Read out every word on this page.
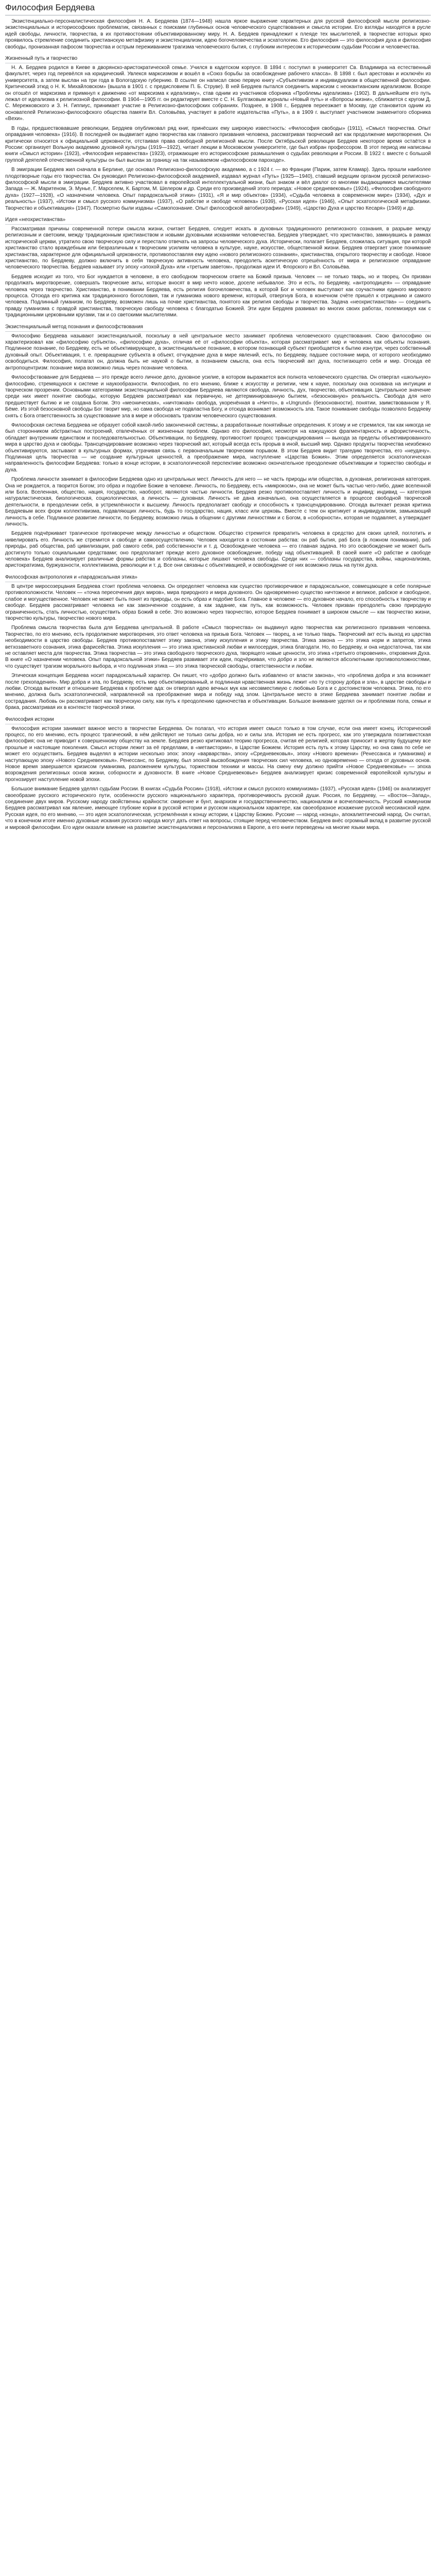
Философия Бердяева

Экзистенциально-персоналистическая философия Н. А. Бердяева (1874—1948) нашла яркое выражение характерных для русской философской мысли религиозно-экзистенциальных и историософских проблематик, связанных с поисками глубинных основ человеческого существования и смысла истории. Его взгляды находятся в русле идей свободы, личности, творчества, в их противостоянии объективированному миру. Н. А. Бердяев принадлежит к плеяде тех мыслителей, в творчестве которых ярко проявилось стремление соединить христианскую метафизику и экзистенциализм, идею богочеловечества и эсхатологию. Его философия — это философия духа и философия свободы, пронизанная пафосом творчества и острым переживанием трагизма человеческого бытия, с глубоким интересом к историческим судьбам России и человечества.

Жизненный путь и творчество

Н. А. Бердяев родился в Киеве в дворянско-аристократической семье. Учился в кадетском корпусе. В 1894 г. поступил в университет Св. Владимира на естественный факультет, через год перевёлся на юридический. Увлекся марксизмом и вошёл в «Союз борьбы за освобождение рабочего класса». В 1898 г. был арестован и исключён из университета, а затем выслан на три года в Вологодскую губернию. В ссылке он написал свою первую книгу «Субъективизм и индивидуализм в общественной философии. Критический этюд о Н. К. Михайловском» (вышла в 1901 г. с предисловием П. Б. Струве). В ней Бердяев пытался соединить марксизм с неокантианским идеализмом. Вскоре он отошёл от марксизма и примкнул к движению «от марксизма к идеализму», став одним из участников сборника «Проблемы идеализма» (1902). В дальнейшем его путь лежал от идеализма к религиозной философии. В 1904—1905 гг. он редактирует вместе с С. Н. Булгаковым журналы «Новый путь» и «Вопросы жизни», сближается с кругом Д. С. Мережковского и З. Н. Гиппиус, принимает участие в Религиозно-философских собраниях. Позднее, в 1908 г., Бердяев переезжает в Москву, где становится одним из основателей Религиозно-философского общества памяти Вл. Соловьёва, участвует в работе издательства «Путь», а в 1909 г. выступает участником знаменитого сборника «Вехи».

В годы, предшествовавшие революции, Бердяев опубликовал ряд книг, принёсших ему широкую известность: «Философия свободы» (1911), «Смысл творчества. Опыт оправдания человека» (1916). В последней он выдвигает идею творчества как главного призвания человека, рассматривая творческий акт как продолжение миротворения. Он критически относится к официальной церковности, отстаивая права свободной религиозной мысли. После Октябрьской революции Бердяев некоторое время остаётся в России: организует Вольную академию духовной культуры (1919—1922), читает лекции в Московском университете, где был избран профессором. В этот период им написаны книги «Смысл истории» (1923), «Философия неравенства» (1923), отражающие его историософские размышления о судьбах революции и России. В 1922 г. вместе с большой группой деятелей отечественной культуры он был выслан за границу на так называемом «философском пароходе».

В эмиграции Бердяев жил сначала в Берлине, где основал Религиозно-философскую академию, а с 1924 г. — во Франции (Париж, затем Кламар). Здесь прошли наиболее плодотворные годы его творчества. Он руководил Религиозно-философской академией, издавал журнал «Путь» (1925—1940), ставший ведущим органом русской религиозно-философской мысли в эмиграции. Бердяев активно участвовал в европейской интеллектуальной жизни, был знаком и вёл диалог со многими выдающимися мыслителями Запада — Ж. Маритеном, Э. Мунье, Г. Марселем, К. Бартом, М. Шелером и др. Среди его произведений этого периода: «Новое средневековье» (1924), «Философия свободного духа» (1927—1928), «О назначении человека. Опыт парадоксальной этики» (1931), «Я и мир объектов» (1934), «Судьба человека в современном мире» (1934), «Дух и реальность» (1937), «Истоки и смысл русского коммунизма» (1937), «О рабстве и свободе человека» (1939), «Русская идея» (1946), «Опыт эсхатологической метафизики. Творчество и объективация» (1947). Посмертно были изданы «Самопознание. Опыт философской автобиографии» (1949), «Царство Духа и царство Кесаря» (1949) и др.

Идея «неохристианства»

Рассматривая причины современной потери смысла жизни, считает Бердяев, следует искать в духовных традиционного религиозного сознания, в разрыве между религиозным и светским, между традиционным христианством и новыми духовными исканиями человечества. Бердяев утверждает, что христианство, замкнувшись в рамках исторической церкви, утратило свою творческую силу и перестало отвечать на запросы человеческого духа. Исторически, полагает Бердяев, сложилась ситуация, при которой христианство стало враждебным или безразличным к творческим усилиям человека в культуре, науке, искусстве, общественной жизни. Бердяев отвергает узкое понимание христианства, характерное для официальной церковности, противопоставляя ему идею «нового религиозного сознания», христианства, открытого творчеству и свободе. Новое христианство, по Бердяеву, должно включить в себя творческую активность человека, преодолеть аскетическую отрешённость от мира и религиозное оправдание человеческого творчества. Бердяев называет эту эпоху «эпохой Духа» или «третьим заветом», продолжая идеи И. Флорского и Вл. Соловьёва.

Бердяев исходит из того, что Бог нуждается в человеке, в его свободном творческом ответе на Божий призыв. Человек — не только тварь, но и творец. Он призван продолжать миротворение, совершать творческие акты, которые вносят в мир нечто новое, доселе небывалое. Это и есть, по Бердяеву, «антроподицея» — оправдание человека через творчество. Христианство, в понимании Бердяева, есть религия богочеловечества, в которой Бог и человек выступают как соучастники единого мирового процесса. Отсюда его критика как традиционного богословия, так и гуманизма нового времени, который, отвергнув Бога, в конечном счёте пришёл к отрицанию и самого человека. Подлинный гуманизм, по Бердяеву, возможен лишь на почве христианства, понятого как религия свободы и творчества. Задача «неохристианства» — соединить правду гуманизма с правдой христианства, творческую свободу человека с благодатью Божией. Эти идеи Бердяев развивал во многих своих работах, полемизируя как с традиционными церковными кругами, так и со светскими мыслителями.

Экзистенциальный метод познания и философствования

Философию Бердяева называют экзистенциальной, поскольку в ней центральное место занимает проблема человеческого существования. Свою философию он характеризовал как «философию субъекта», «философию духа», отличая её от «философии объекта», которая рассматривает мир и человека как объекты познания. Подлинное познание, по Бердяеву, есть не объективирующее, а экзистенциальное познание, в котором познающий субъект приобщается к бытию изнутри, через собственный духовный опыт. Объективация, т. е. превращение субъекта в объект, отчуждение духа в мире явлений, есть, по Бердяеву, падшее состояние мира, от которого необходимо освободиться. Философия, полагал он, должна быть не наукой о бытии, а познанием смысла, она есть творческий акт духа, постигающего себя и мир. Отсюда её антропоцентризм: познание мира возможно лишь через познание человека.

Философствование для Бердяева — это прежде всего личное дело, духовное усилие, в котором выражается вся полнота человеческого существа. Он отвергал «школьную» философию, стремящуюся к системе и наукообразности. Философия, по его мнению, ближе к искусству и религии, чем к науке, поскольку она основана на интуиции и творческом прозрении. Основными категориями экзистенциальной философии Бердяева являются свобода, личность, дух, творчество, объективация. Центральное значение среди них имеет понятие свободы, которую Бердяев рассматривал как первичную, не детерминированную бытием, «безосновную» реальность. Свобода для него предшествует бытию и не создана Богом. Это «меоническая», «ничтожная» свобода, укоренённая в «Ничто», в «Ungrund» (безосновности), понятии, заимствованном у Я. Бёме. Из этой безосновной свободы Бог творит мир, но сама свобода не подвластна Богу, и отсюда возникает возможность зла. Такое понимание свободы позволяло Бердяеву снять с Бога ответственность за существование зла в мире и обосновать трагизм человеческого существования.

Философская система Бердяева не образует собой какой-либо законченной системы, а разработанные понятийные определения. К этому и не стремился, так как никогда не был сторонником абстрактных построений, отвлечённых от жизненных проблем. Однако его философия, несмотря на кажущуюся фрагментарность и афористичность, обладает внутренним единством и последовательностью. Объективации, по Бердяеву, противостоит процесс трансцендирования — выхода за пределы объективированного мира в царство духа и свободы. Трансцендирование возможно через творческий акт, который всегда есть прорыв в иной, высший мир. Однако продукты творчества неизбежно объективируются, застывают в культурных формах, утрачивая связь с первоначальным творческим порывом. В этом Бердяев видит трагедию творчества, его «неудачу». Подлинная цель творчества — не создание культурных ценностей, а преображение мира, наступление «Царства Божия». Этим определяется эсхатологическая направленность философии Бердяева: только в конце истории, в эсхатологической перспективе возможно окончательное преодоление объективации и торжество свободы и духа.

Проблема личности занимает в философии Бердяева одно из центральных мест. Личность для него — не часть природы или общества, а духовная, религиозная категория. Она не рождается, а творится Богом; это образ и подобие Божие в человеке. Личность, по Бердяеву, есть «микрокосм», она не может быть частью чего-либо, даже вселенной или Бога. Вселенная, общество, нация, государство, наоборот, являются частью личности. Бердяев резко противопоставляет личность и индивид: индивид — категория натуралистическая, биологическая, социологическая, а личность — духовная. Личность не дана изначально, она осуществляется в процессе свободной творческой деятельности, в преодолении себя, в устремлённости к высшему. Личность предполагает свободу и способность к трансцендированию. Отсюда вытекает резкая критика Бердяевым всех форм коллективизма, подавляющих личность, будь то государство, нация, класс или церковь. Вместе с тем он критикует и индивидуализм, замыкающий личность в себе. Подлинное развитие личности, по Бердяеву, возможно лишь в общении с другими личностями и с Богом, в «соборности», которая не подавляет, а утверждает личность.

Бердяев подчёркивает трагическое противоречие между личностью и обществом. Общество стремится превратить человека в средство для своих целей, поглотить и нивелировать его. Личность же стремится к свободе и самоосуществлению. Человек находится в состоянии рабства: он раб бытия, раб Бога (в ложном понимании), раб природы, раб общества, раб цивилизации, раб самого себя, раб собственности и т. д. Освобождение человека — его главная задача. Но это освобождение не может быть достигнуто только социальными средствами; оно предполагает прежде всего духовное освобождение, победу над объективацией. В своей книге «О рабстве и свободе человека» Бердяев анализирует различные формы рабства и соблазны, которые лишают человека свободы. Среди них — соблазны государства, войны, национализма, аристократизма, буржуазности, коллективизма, революции и т. д. Все они связаны с объективацией, и освобождение от них возможно лишь на путях духа.

Философская антропология и «парадоксальная этика»

В центре миросозерцания Бердяева стоит проблема человека. Он определяет человека как существо противоречивое и парадоксальное, совмещающее в себе полярные противоположности. Человек — «точка пересечения двух миров», мира природного и мира духовного. Он одновременно существо ничтожное и великое, рабское и свободное, слабое и могущественное. Человек не может быть понят из природы, он есть образ и подобие Бога. Главное в человеке — его духовное начало, его способность к творчеству и свободе. Бердяев рассматривает человека не как законченное создание, а как задание, как путь, как возможность. Человек призван преодолеть свою природную ограниченность, стать личностью, осуществить образ Божий в себе. Это возможно через творчество, которое Бердяев понимает в широком смысле — как творчество жизни, творчество культуры, творчество нового мира.

Проблема смысла творчества была для Бердяева центральной. В работе «Смысл творчества» он выдвинул идею творчества как религиозного призвания человека. Творчество, по его мнению, есть продолжение миротворения, это ответ человека на призыв Бога. Человек — творец, а не только тварь. Творческий акт есть выход из царства необходимости в царство свободы. Бердяев противопоставляет этику закона, этику искупления и этику творчества. Этика закона — это этика норм и запретов, этика ветхозаветного сознания, этика фарисейства. Этика искупления — это этика христианской любви и милосердия, этика благодати. Но, по Бердяеву, и она недостаточна, так как не оставляет места для творчества. Этика творчества — это этика свободного творческого духа, творящего новые ценности, это этика «третьего откровения», откровения Духа. В книге «О назначении человека. Опыт парадоксальной этики» Бердяев развивает эти идеи, подчёркивая, что добро и зло не являются абсолютными противоположностями, что существует трагизм морального выбора, и что подлинная этика — это этика творческой свободы, ответственности и любви.

Этическая концепция Бердяева носит парадоксальный характер. Он пишет, что «добро должно быть избавлено от власти закона», что «проблема добра и зла возникает после грехопадения». Мир добра и зла, по Бердяеву, есть мир объективированный, и подлинная нравственная жизнь лежит «по ту сторону добра и зла», в царстве свободы и любви. Отсюда вытекает и отношение Бердяева к проблеме ада: он отвергал идею вечных мук как несовместимую с любовью Бога и с достоинством человека. Этика, по его мнению, должна быть эсхатологической, направленной на преображение мира и победу над злом. Центральное место в этике Бердяева занимает понятие любви и сострадания. Любовь он рассматривает как творческую силу, как путь к преодолению одиночества и объективации. Большое внимание уделял он и проблемам пола, семьи и брака, рассматривая их в контексте творческой этики.

Философия истории

Философия истории занимает важное место в творчестве Бердяева. Он полагал, что история имеет смысл только в том случае, если она имеет конец. Исторический процесс, по его мнению, есть процесс трагический, в нём действуют не только силы добра, но и силы зла. История не есть прогресс, как это утверждала позитивистская философия; она не приводит к совершенному обществу на земле. Бердяев резко критиковал теорию прогресса, считая её религией, которая приносит в жертву будущему все прошлые и настоящие поколения. Смысл истории лежит за её пределами, в «метаистории», в Царстве Божием. История есть путь к этому Царству, но она сама по себе не может его осуществить. Бердяев выделял в истории несколько эпох: эпоху «варварства», эпоху «Средневековья», эпоху «Нового времени» (Ренессанса и гуманизма) и наступающую эпоху «Нового Средневековья». Ренессанс, по Бердяеву, был эпохой высвобождения творческих сил человека, но одновременно — отхода от духовных основ. Новое время завершается кризисом гуманизма, разложением культуры, торжеством техники и массы. На смену ему должно прийти «Новое Средневековье» — эпоха возрождения религиозных основ жизни, соборности и духовности. В книге «Новое Средневековье» Бердяев анализирует кризис современной европейской культуры и прогнозирует наступление новой эпохи.

Большое внимание Бердяев уделял судьбам России. В книгах «Судьба России» (1918), «Истоки и смысл русского коммунизма» (1937), «Русская идея» (1946) он анализирует своеобразие русского исторического пути, особенности русского национального характера, противоречивость русской души. Россия, по Бердяеву, — «Восток—Запад», соединение двух миров. Русскому народу свойственны крайности: смирение и бунт, анархизм и государственничество, национализм и всечеловечность. Русский коммунизм Бердяев рассматривал как явление, имеющее глубокие корни в русской истории и русском национальном характере, как своеобразное искажение русской мессианской идеи. Русская идея, по его мнению, — это идея эсхатологическая, устремлённая к концу истории, к Царству Божию. Русские — народ «конца», апокалиптический народ. Он считал, что в конечном итоге именно духовные искания русского народа могут дать ответ на вопросы, стоящие перед человечеством. Бердяев внёс огромный вклад в развитие русской и мировой философии. Его идеи оказали влияние на развитие экзистенциализма и персонализма в Европе, а его книги переведены на многие языки мира.
